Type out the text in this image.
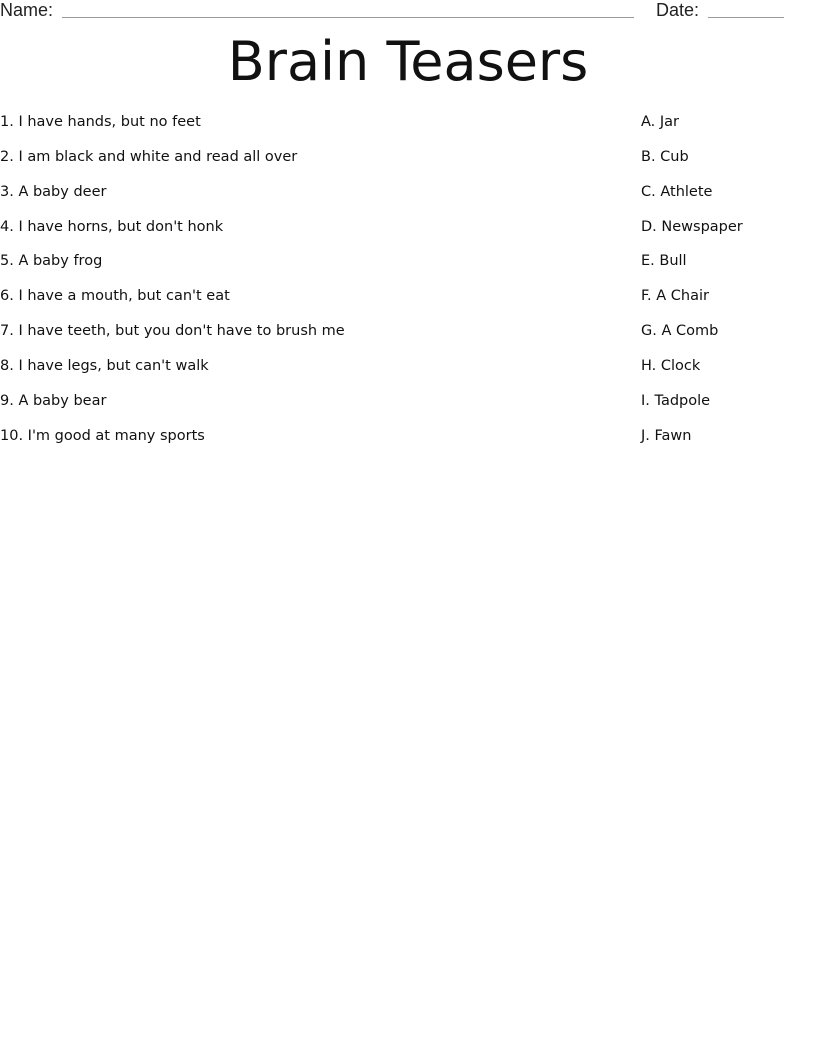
Name:	Date:
Brain Teasers
1. I have hands, but no feet
2. I am black and white and read all over
3. A baby deer
4. I have horns, but don't honk
5. A baby frog
6. I have a mouth, but can't eat
7. I have teeth, but you don't have to brush me
8. I have legs, but can't walk
9. A baby bear
10. I'm good at many sports
A. Jar
B. Cub
C. Athlete
D. Newspaper
E. Bull
F. A Chair
G. A Comb
H. Clock
I. Tadpole
J. Fawn
